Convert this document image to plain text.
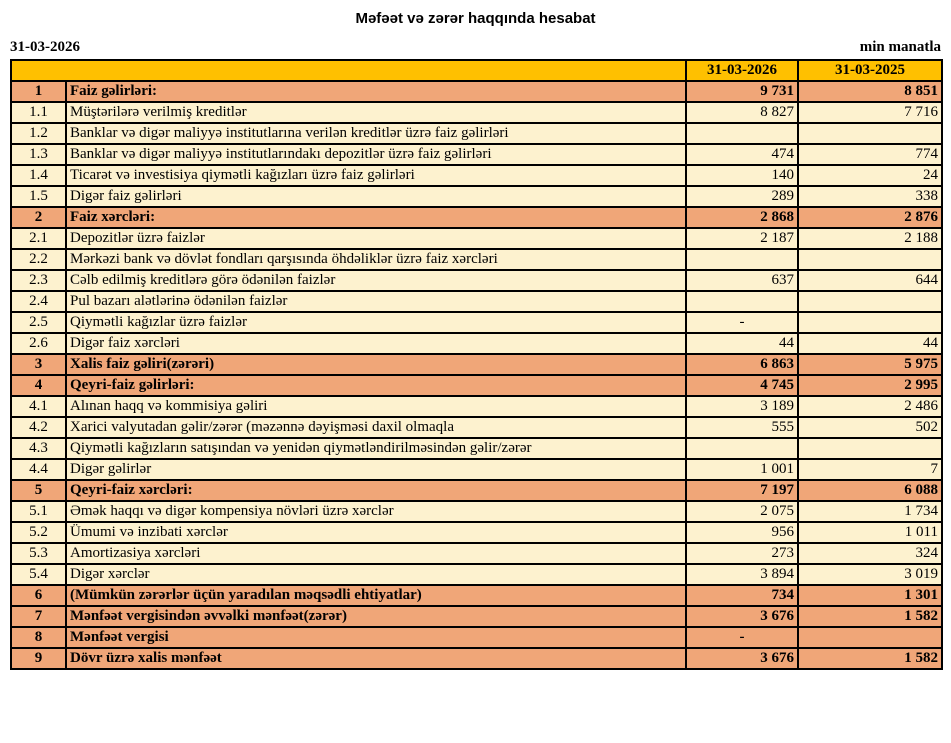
Məfəət və zərər haqqında hesabat
31-03-2026	min manatla
		31-03-2026	31-03-2025
1	Faiz gəlirləri:	9 731	8 851
1.1	Müştərilərə verilmiş kreditlər	8 827	7 716
1.2	Banklar və digər maliyyə institutlarına verilən kreditlər üzrə faiz gəlirləri		
1.3	Banklar və digər maliyyə institutlarındakı depozitlər üzrə faiz gəlirləri	474	774
1.4	Ticarət və investisiya qiymətli kağızları üzrə faiz gəlirləri	140	24
1.5	Digər faiz gəlirləri	289	338
2	Faiz xərcləri:	2 868	2 876
2.1	Depozitlər üzrə faizlər	2 187	2 188
2.2	Mərkəzi bank və dövlət fondları qarşısında öhdəliklər üzrə faiz xərcləri		
2.3	Cəlb edilmiş kreditlərə görə ödənilən faizlər	637	644
2.4	Pul bazarı alətlərinə ödənilən faizlər		
2.5	Qiymətli kağızlar üzrə faizlər	-	
2.6	Digər faiz xərcləri	44	44
3	Xalis faiz gəliri(zərəri)	6 863	5 975
4	Qeyri-faiz gəlirləri:	4 745	2 995
4.1	Alınan haqq və kommisiya gəliri	3 189	2 486
4.2	Xarici valyutadan gəlir/zərər (məzənnə dəyişməsi daxil olmaqla	555	502
4.3	Qiymətli kağızların satışından və yenidən qiymətləndirilməsindən gəlir/zərər		
4.4	Digər gəlirlər	1 001	7
5	Qeyri-faiz xərcləri:	7 197	6 088
5.1	Əmək haqqı və digər kompensiya növləri üzrə xərclər	2 075	1 734
5.2	Ümumi və inzibati xərclər	956	1 011
5.3	Amortizasiya xərcləri	273	324
5.4	Digər xərclər	3 894	3 019
6	(Mümkün zərərlər üçün yaradılan məqsədli ehtiyatlar)	734	1 301
7	Mənfəət vergisindən əvvəlki mənfəət(zərər)	3 676	1 582
8	Mənfəət vergisi	-	
9	Dövr üzrə xalis mənfəət	3 676	1 582
